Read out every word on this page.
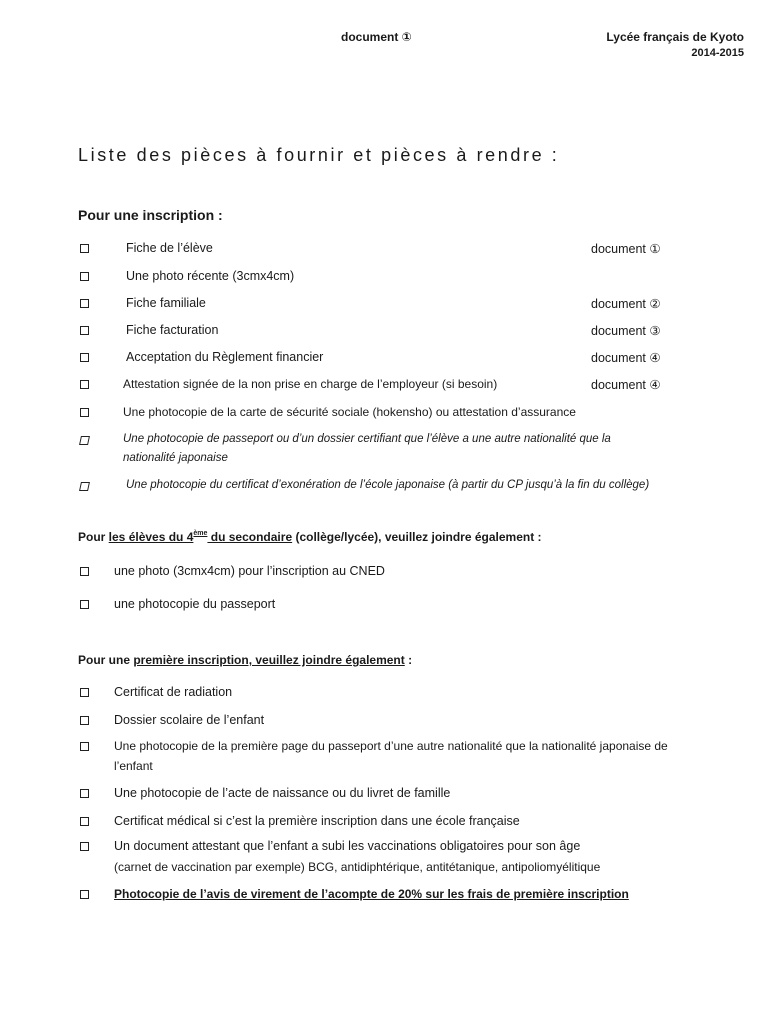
document ①	Lycée français de Kyoto
2014-2015
Liste des pièces à fournir et pièces à rendre :
Pour une inscription :
Fiche de l’élève	document ①
Une photo récente (3cmx4cm)
Fiche familiale	document ②
Fiche facturation	document ③
Acceptation du Règlement financier	document ④
Attestation signée de la non prise en charge de l’employeur (si besoin)	document ④
Une photocopie de la carte de sécurité sociale (hokensho) ou attestation d’assurance
Une photocopie de passeport ou d’un dossier certifiant que l’élève a une autre nationalité que la
nationalité japonaise
Une photocopie du certificat d’exonération de l’école japonaise (à partir du CP jusqu’à la fin du collège)
Pour les élèves du 4ème du secondaire (collège/lycée), veuillez joindre également :
une photo (3cmx4cm) pour l’inscription au CNED
une photocopie du passeport
Pour une première inscription, veuillez joindre également :
Certificat de radiation
Dossier scolaire de l’enfant
Une photocopie de la première page du passeport d’une autre nationalité que la nationalité japonaise de
l’enfant
Une photocopie de l’acte de naissance ou du livret de famille
Certificat médical si c’est la première inscription dans une école française
Un document attestant que l’enfant a subi les vaccinations obligatoires pour son âge
(carnet de vaccination par exemple) BCG, antidiphtérique, antitétanique, antipoliomyélitique
Photocopie de l’avis de virement de l’acompte de 20% sur les frais de première inscription
